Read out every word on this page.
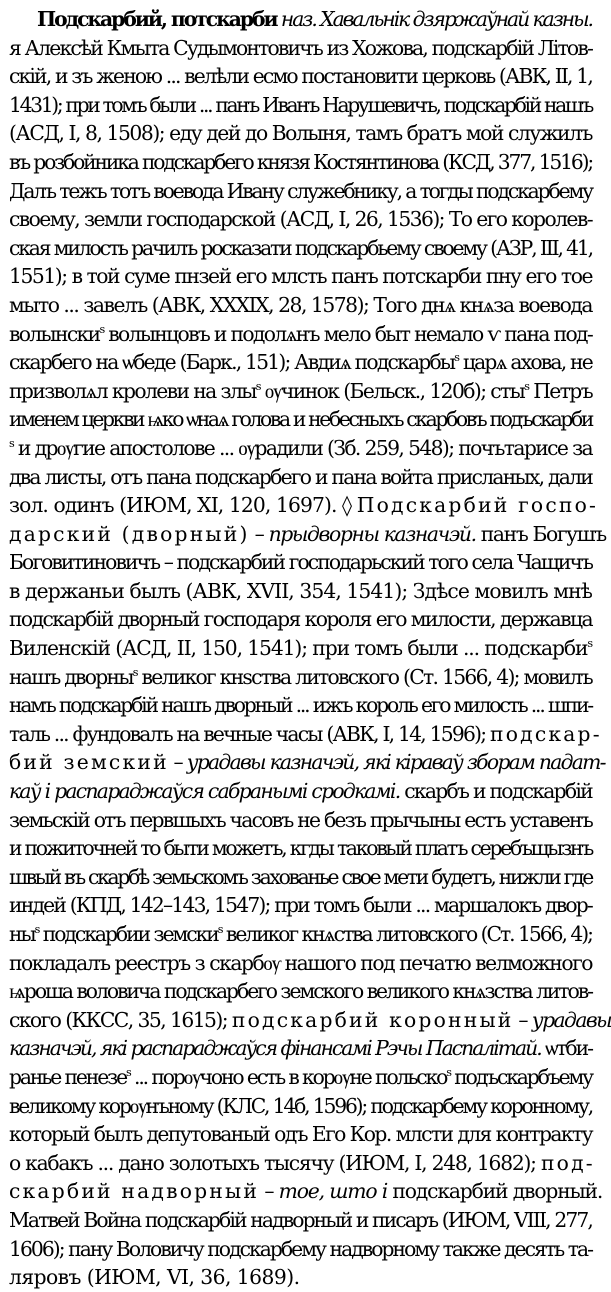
Подскарбий, потскарби наз. Хавальнік дзяржаўнай казны.
я Алексѣй Кмыта Судымонтовичъ из Хожова, подскарбій Літов-
скій, и зъ женою ... велѣли есмо постановити церковь (АВК, II, 1,
1431); при томъ были ... панъ Иванъ Нарушевичъ, подскарбій нашъ
(АСД, I, 8, 1508); еду дей до Волыня, тамъ братъ мой служилъ
въ розбойника подскарбего князя Костянтинова (КСД, 377, 1516);
Далъ тежъ тотъ воевода Ивану служебнику, а тогды подскарбему
своему, земли господарской (АСД, I, 26, 1536); То его королев-
ская милость рачилъ росказати подскарбьему своему (АЗР, III, 41,
1551); в той суме пнзей его млсть панъ потскарби пну его тое
мыто ... завелъ (АВК, XXXIX, 28, 1578); Того днѧ кнѧза воевода
волынски$^s$ волынцовъ и подолѧнъ мело быт немало ѵ пана под-
скарбего на ѡбеде (Барк., 151); Авдиѧ подскарбы$^s$ царѧ ахова, не
призволѧл кролеви на злы$^s$ ѹчинок (Бельск., 120б); сты$^s$ Петръ
именем церкви ѩко ѡнаѧ голова и небесныхъ скарбовъ подъскарби
$^s$ и дрѹгие апостолове ... ѹрадили (Зб. 259, 548); почътарисе за
два листы, отъ пана подскарбего и пана войта присланых, дали
зол. одинъ (ИЮМ, XI, 120, 1697). ◊ Подскарбий госпо-
дарский (дворный) – прыдворны казначэй. панъ Богушъ
Боговитиновичъ – подскарбий господарьский того села Чащичъ
в держаньи былъ (АВК, XVII, 354, 1541); Здѣсе мовилъ мнѣ
подскарбій дворный господаря короля его милости, державца
Виленскій (АСД, II, 150, 1541); при томъ были ... подскарби$^s$
нашъ дворны$^s$ великог кнѕства литовского (Ст. 1566, 4); мовилъ
намъ подскарбій нашъ дворный ... ижъ король его милость ... шпи-
таль ... фундовалъ на вечные часы (АВК, I, 14, 1596); подскар-
бий земский – урадавы казначэй, які кіраваў зборам падат-
каў і распараджаўся сабранымі сродкамі. скарбъ и подскарбій
земьскій отъ первшыхъ часовъ не безъ прычыны естъ уставенъ
и пожиточней то быти можетъ, кгды таковый платъ серебъщызнъ
швый въ скарбѣ земьскомъ захованье свое мети будетъ, нижли где
индей (КПД, 142–143, 1547); при томъ были ... маршалокъ двор-
$ны^s$ подскарбии земски$^s$ великог кнѧства литовского (Ст. 1566, 4);
покладалъ реестръ з скарбѹ нашого под печатю велможного
ѩроша воловича подскарбего земского великого кнѧзства литов-
ского (ККСС, 35, 1615); подскарбий коронный – урадавы
казначэй, які распараджаўся фінансамі Рэчы Паспалітай. ѡтби-
ранье пенезе$^s$ ... порѹчоно есть в корѹне польско$^s$ подъскарбъему
великому корѹнъному (КЛС, 14б, 1596); подскарбему коронному,
который былъ депутованый одъ Его Кор. млсти для контракту
о кабакъ ... дано золотыхъ тысячу (ИЮМ, I, 248, 1682); под-
скарбий надворный – тое, што і подскарбий дворный.
Матвей Война подскарбій надворный и писаръ (ИЮМ, VIII, 277,
1606); пану Воловичу подскарбему надворному также десять та-
ляровъ (ИЮМ, VI, 36, 1689).
